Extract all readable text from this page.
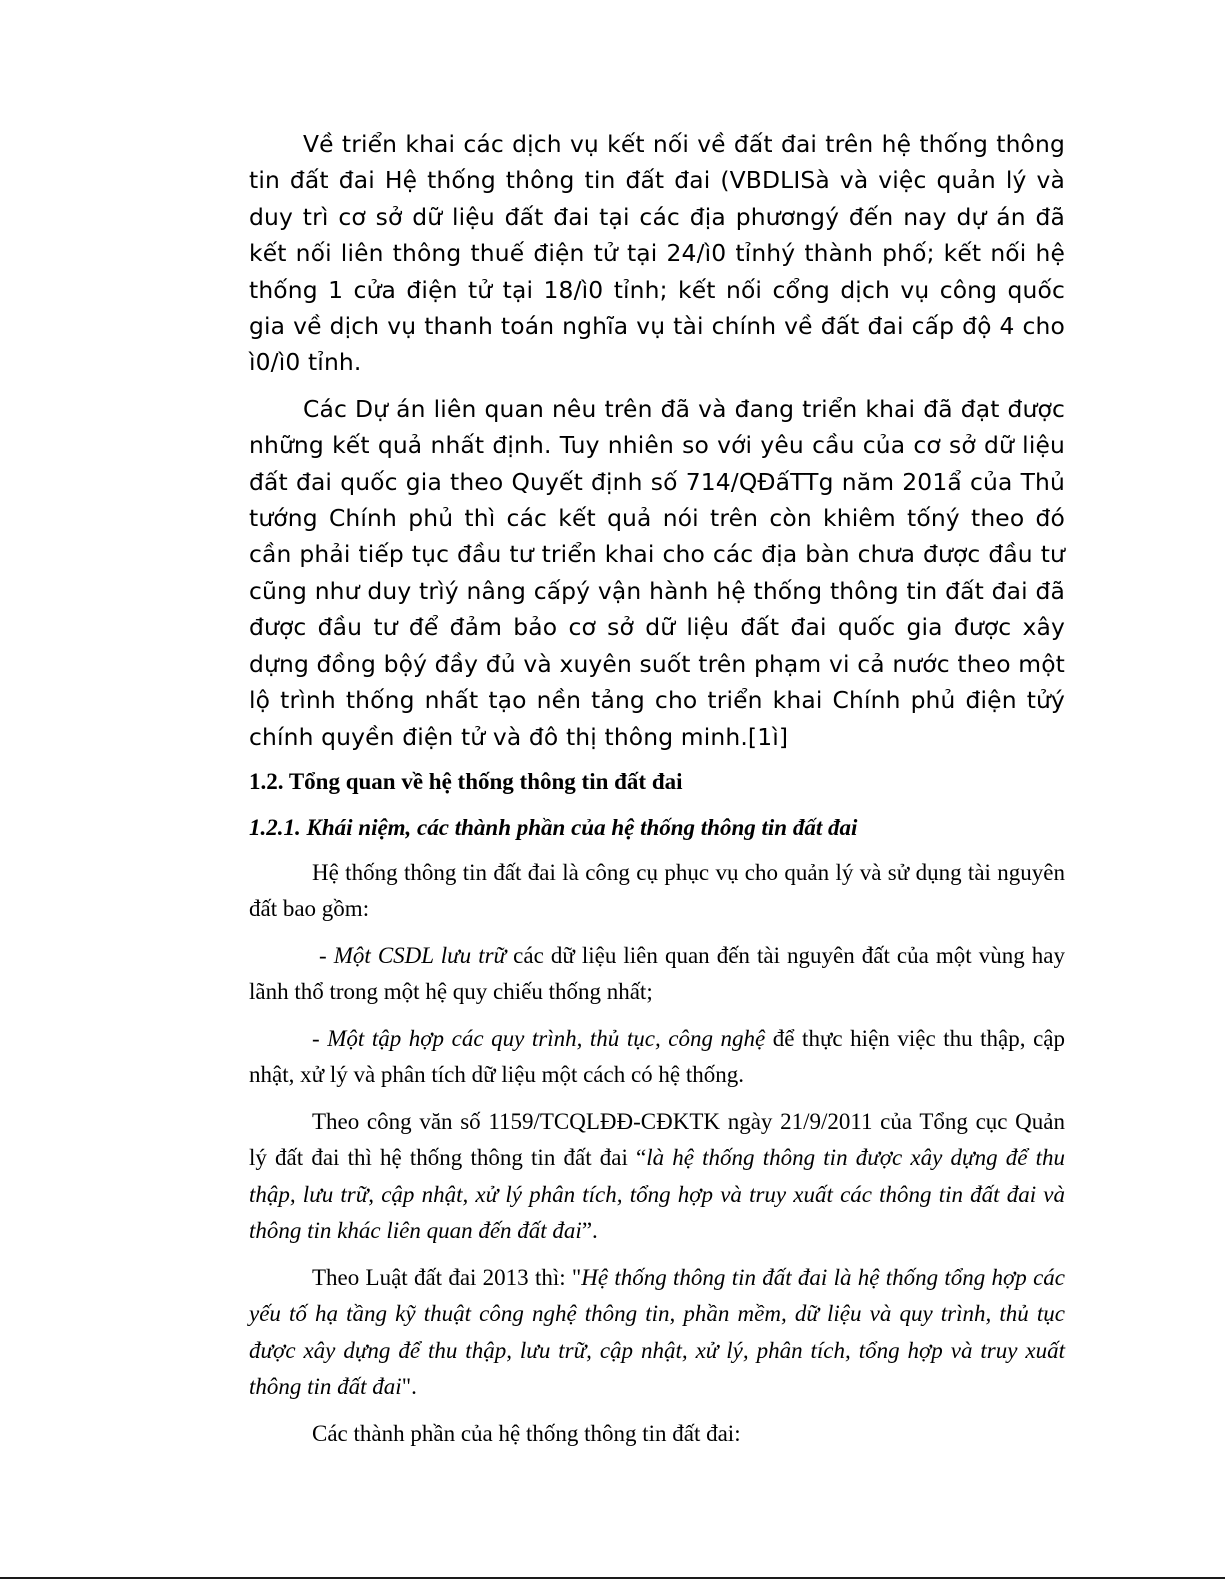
Về triển khai các dịch vụ kết nối về đất đai trên hệ thống thông tin đất đai Hệ thống thông tin đất đai (VBDLISà và việc quản lý và duy trì cơ sở dữ liệu đất đai tại các địa phươngý đến nay dự án đã kết nối liên thông thuế điện tử tại 24/ì0 tỉnhý thành phố; kết nối hệ thống 1 cửa điện tử tại 18/ì0 tỉnh; kết nối cổng dịch vụ công quốc gia về dịch vụ thanh toán nghĩa vụ tài chính về đất đai cấp độ 4 cho ì0/ì0 tỉnh.

Các Dự án liên quan nêu trên đã và đang triển khai đã đạt được những kết quả nhất định. Tuy nhiên so với yêu cầu của cơ sở dữ liệu đất đai quốc gia theo Quyết định số 714/QĐấTTg năm 201ẩ của Thủ tướng Chính phủ thì các kết quả nói trên còn khiêm tốný theo đó cần phải tiếp tục đầu tư triển khai cho các địa bàn chưa được đầu tư cũng như duy trìý nâng cấpý vận hành hệ thống thông tin đất đai đã được đầu tư để đảm bảo cơ sở dữ liệu đất đai quốc gia được xây dựng đồng bộý đầy đủ và xuyên suốt trên phạm vi cả nước theo một lộ trình thống nhất tạo nền tảng cho triển khai Chính phủ điện tửý chính quyền điện tử và đô thị thông minh.[1ì]

1.2. Tổng quan về hệ thống thông tin đất đai
1.2.1. Khái niệm, các thành phần của hệ thống thông tin đất đai

Hệ thống thông tin đất đai là công cụ phục vụ cho quản lý và sử dụng tài nguyên đất bao gồm:

- Một CSDL lưu trữ các dữ liệu liên quan đến tài nguyên đất của một vùng hay lãnh thổ trong một hệ quy chiếu thống nhất;

- Một tập hợp các quy trình, thủ tục, công nghệ để thực hiện việc thu thập, cập nhật, xử lý và phân tích dữ liệu một cách có hệ thống.

Theo công văn số 1159/TCQLĐĐ-CĐKTK ngày 21/9/2011 của Tổng cục Quản lý đất đai thì hệ thống thông tin đất đai “là hệ thống thông tin được xây dựng để thu thập, lưu trữ, cập nhật, xử lý phân tích, tổng hợp và truy xuất các thông tin đất đai và thông tin khác liên quan đến đất đai”.

Theo Luật đất đai 2013 thì: "Hệ thống thông tin đất đai là hệ thống tổng hợp các yếu tố hạ tầng kỹ thuật công nghệ thông tin, phần mềm, dữ liệu và quy trình, thủ tục được xây dựng để thu thập, lưu trữ, cập nhật, xử lý, phân tích, tổng hợp và truy xuất thông tin đất đai".

Các thành phần của hệ thống thông tin đất đai:
